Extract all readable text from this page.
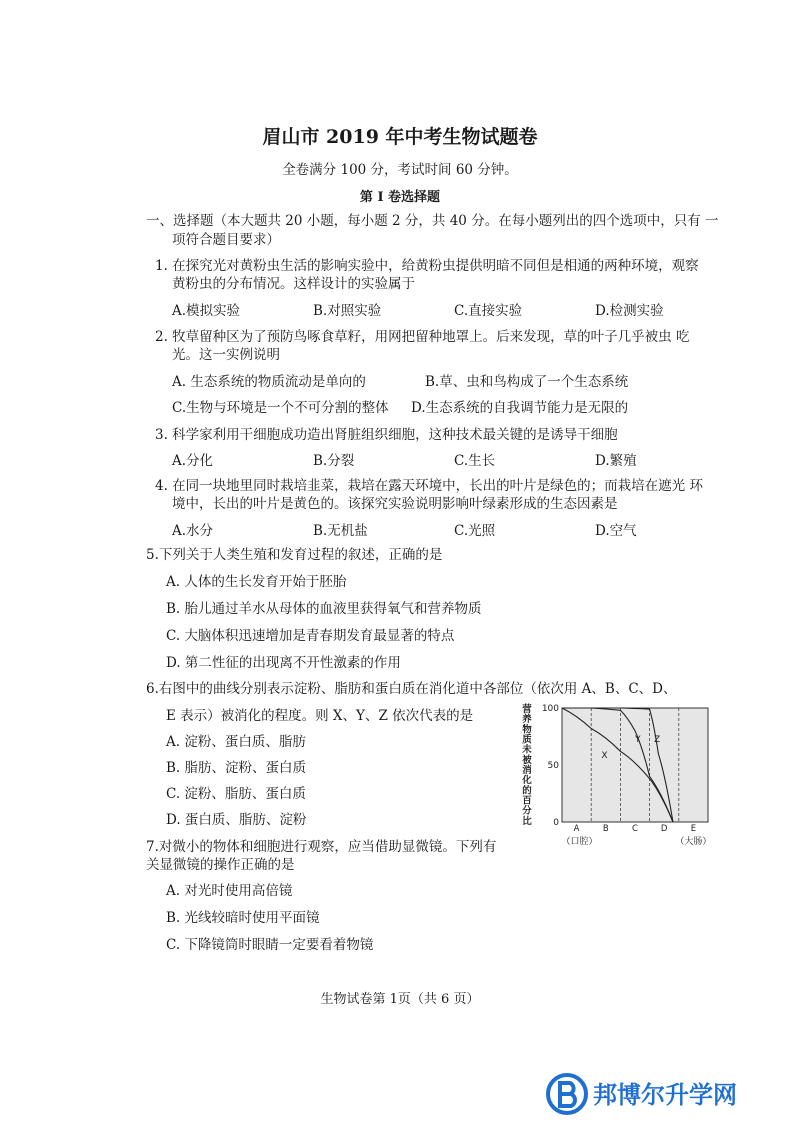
眉山市 2019 年中考生物试题卷
全卷满分 100 分，考试时间 60 分钟。
第 I 卷选择题
一、选择题（本大题共 20 小题，每小题 2 分，共 40 分。在每小题列出的四个选项中，只有 一
项符合题目要求）
1. 在探究光对黄粉虫生活的影响实验中，给黄粉虫提供明暗不同但是相通的两种环境，观察
黄粉虫的分布情况。这样设计的实验属于
A.模拟实验	B.对照实验	C.直接实验	D.检测实验
2. 牧草留种区为了预防鸟啄食草籽，用网把留种地罩上。后来发现，草的叶子几乎被虫 吃
光。这一实例说明
A. 生态系统的物质流动是单向的	B.草、虫和鸟构成了一个生态系统
C.生物与环境是一个不可分割的整体 D.生态系统的自我调节能力是无限的
3. 科学家利用干细胞成功造出肾脏组织细胞，这种技术最关键的是诱导干细胞
A.分化	B.分裂	C.生长	D.繁殖
4. 在同一块地里同时栽培韭菜，栽培在露天环境中，长出的叶片是绿色的；而栽培在遮光 环
境中，长出的叶片是黄色的。该探究实验说明影响叶绿素形成的生态因素是
A.水分	B.无机盐	C.光照	D.空气
5.下列关于人类生殖和发育过程的叙述，正确的是
A. 人体的生长发育开始于胚胎
B. 胎儿通过羊水从母体的血液里获得氧气和营养物质
C. 大脑体积迅速增加是青春期发育最显著的特点
D. 第二性征的出现离不开性激素的作用
6.右图中的曲线分别表示淀粉、脂肪和蛋白质在消化道中各部位（依次用 A、B、C、D、
E 表示）被消化的程度。则 X、Y、Z 依次代表的是
A. 淀粉、蛋白质、脂肪
B. 脂肪、淀粉、蛋白质
C. 淀粉、脂肪、蛋白质
D. 蛋白质、脂肪、淀粉
7.对微小的物体和细胞进行观察，应当借助显微镜。下列有
关显微镜的操作正确的是
A. 对光时使用高倍镜
B. 光线较暗时使用平面镜
C. 下降镜筒时眼睛一定要看着物镜
营
养
物
质
未
被
消
化
的
百
分
比
100
50
0
A	B	C	D	E
X
Y Z
（口腔）	（大肠）
生物试卷第 1页（共 6 页）
邦博尔升学网
